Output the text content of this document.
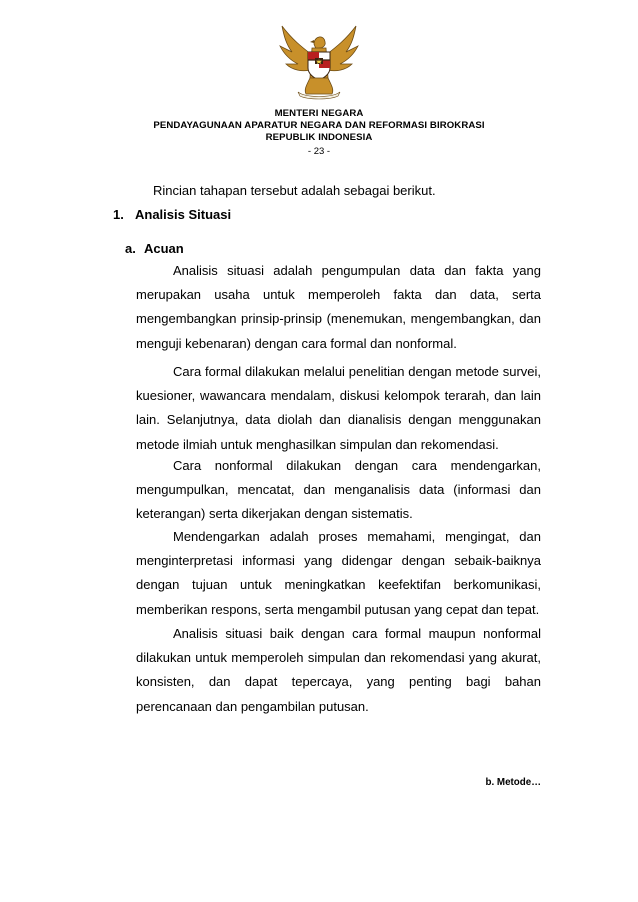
MENTERI NEGARA
PENDAYAGUNAAN APARATUR NEGARA DAN REFORMASI BIROKRASI
REPUBLIK INDONESIA
- 23 -
Rincian tahapan tersebut adalah sebagai berikut.
1. Analisis Situasi
a. Acuan

Analisis situasi adalah pengumpulan data dan fakta yang merupakan usaha untuk memperoleh fakta dan data, serta mengembangkan prinsip-prinsip (menemukan, mengembangkan, dan menguji kebenaran) dengan cara formal dan nonformal.

Cara formal dilakukan melalui penelitian dengan metode survei, kuesioner, wawancara mendalam, diskusi kelompok terarah, dan lain lain. Selanjutnya, data diolah dan dianalisis dengan menggunakan metode ilmiah untuk menghasilkan simpulan dan rekomendasi.

Cara nonformal dilakukan dengan cara mendengarkan, mengumpulkan, mencatat, dan menganalisis data (informasi dan keterangan) serta dikerjakan dengan sistematis.

Mendengarkan adalah proses memahami, mengingat, dan menginterpretasi informasi yang didengar dengan sebaik-baiknya dengan tujuan untuk meningkatkan keefektifan berkomunikasi, memberikan respons, serta mengambil putusan yang cepat dan tepat.

Analisis situasi baik dengan cara formal maupun nonformal dilakukan untuk memperoleh simpulan dan rekomendasi yang akurat, konsisten, dan dapat tepercaya, yang penting bagi bahan perencanaan dan pengambilan putusan.

b. Metode…
